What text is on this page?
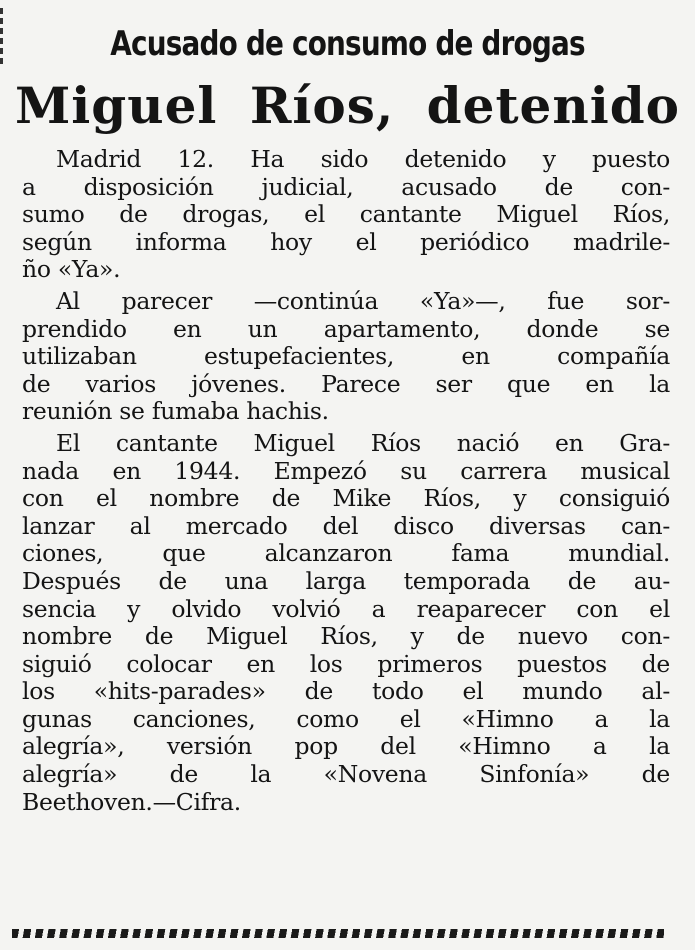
Acusado de consumo de drogas
Miguel Ríos, detenido
Madrid 12. Ha sido detenido y puesto
a disposición judicial, acusado de con-
sumo de drogas, el cantante Miguel Ríos,
según informa hoy el periódico madrile-
ño «Ya».
Al parecer —continúa «Ya»—, fue sor-
prendido en un apartamento, donde se
utilizaban estupefacientes, en compañía
de varios jóvenes. Parece ser que en la
reunión se fumaba hachis.
El cantante Miguel Ríos nació en Gra-
nada en 1944. Empezó su carrera musical
con el nombre de Mike Ríos, y consiguió
lanzar al mercado del disco diversas can-
ciones, que alcanzaron fama mundial.
Después de una larga temporada de au-
sencia y olvido volvió a reaparecer con el
nombre de Miguel Ríos, y de nuevo con-
siguió colocar en los primeros puestos de
los «hits-parades» de todo el mundo al-
gunas canciones, como el «Himno a la
alegría», versión pop del «Himno a la
alegría» de la «Novena Sinfonía» de
Beethoven.—Cifra.
